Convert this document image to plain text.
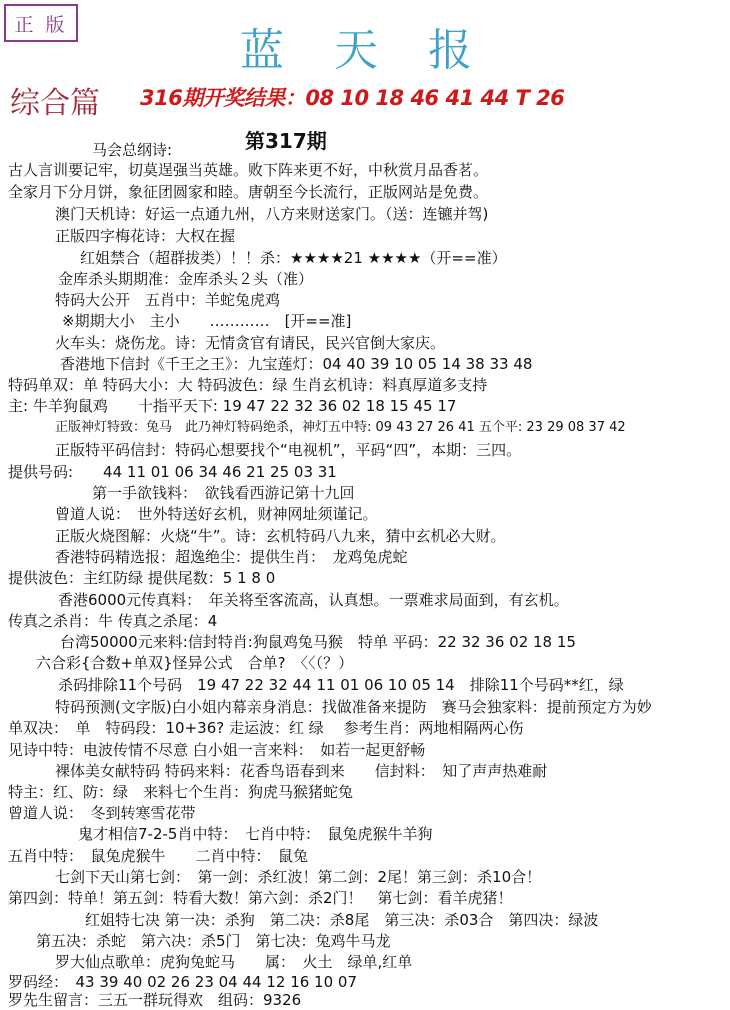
正 版	蓝 天 报
综合篇 316期开奖结果：08 10 18 46 41 44 T 26
马会总纲诗:	第317期
古人言训要记牢，切莫逞强当英雄。败下阵来更不好，中秋赏月品香茗。
全家月下分月饼，象征团圆家和睦。唐朝至今长流行，正版网站是免费。
澳门天机诗：好运一点通九州，八方来财送家门。（送：连镳并驾)
正版四字梅花诗：大权在握
红姐禁合（超群拔类）！！杀：★★★★21 ★★★★（开==准）
金库杀头期期准：金库杀头２头（准）
特码大公开　五肖中：羊蛇兔虎鸡
※期期大小　主小　　…………　[开==准]
火车头：烧伤龙。诗：无情贪官有请民，民兴官倒大家庆。
香港地下信封《千王之王》：九宝莲灯：04 40 39 10 05 14 38 33 48
特码单双：单 特码大小：大 特码波色：绿 生肖玄机诗：料真厚道多支持
主: 牛羊狗鼠鸡　　十指平天下: 19 47 22 32 36 02 18 15 45 17
正版神灯特致：兔马　此乃神灯特码绝杀，神灯五中特: 09 43 27 26 41 五个平: 23 29 08 37 42
正版特平码信封：特码心想要找个“电视机”，平码“四”，本期：三四。
提供号码:　　44 11 01 06 34 46 21 25 03 31
第一手欲钱料：　欲钱看西游记第十九回
曾道人说：　世外特送好玄机，财神网址须谨记。
正版火烧图解：火烧“牛”。诗：玄机特码八九来，猜中玄机必大财。
香港特码精选报：超逸绝尘：提供生肖：　龙鸡兔虎蛇
提供波色：主红防绿 提供尾数：5 1 8 0
香港6000元传真料：　年关将至客流高，认真想。一票难求局面到，有玄机。
传真之杀肖：牛 传真之杀尾：4
台湾50000元来料:信封特肖:狗鼠鸡兔马猴　特单 平码：22 32 36 02 18 15
六合彩{合数+单双}怪异公式　合单?　〈〈（？）
杀码排除11个号码　19 47 22 32 44 11 01 06 10 05 14　排除11个号码**红，绿
特码预测(文字版)白小姐内幕亲身消息：找做准备来提防　赛马会独家料：提前预定方为妙
单双决：　单　特码段：10+36? 走运波：红 绿　 参考生肖：两地相隔两心伤
见诗中特：电波传情不尽意 白小姐一言来料：　如若一起更舒畅
裸体美女献特码 特码来料：花香鸟语春到来　　信封料：　知了声声热难耐
特主：红、防：绿　来料七个生肖：狗虎马猴猪蛇兔
曾道人说：　冬到转寒雪花带
鬼才相信7-2-5肖中特：　七肖中特：　鼠兔虎猴牛羊狗
五肖中特：　鼠兔虎猴牛　　二肖中特：　鼠兔
七剑下天山第七剑：　第一剑：杀红波！第二剑：2尾！第三剑：杀10合！
第四剑：特单！第五剑：特看大数！第六剑：杀2门！　第七剑：看羊虎猪！
红姐特七决 第一决：杀狗　第二决：杀8尾　第三决：杀03合　第四决：绿波
第五决：杀蛇　第六决：杀5门　第七决：兔鸡牛马龙
罗大仙点歌单：虎狗兔蛇马　　属：　火土　绿单,红单
罗码经：　43 39 40 02 26 23 04 44 12 16 10 07
罗先生留言：三五一群玩得欢　组码：9326
